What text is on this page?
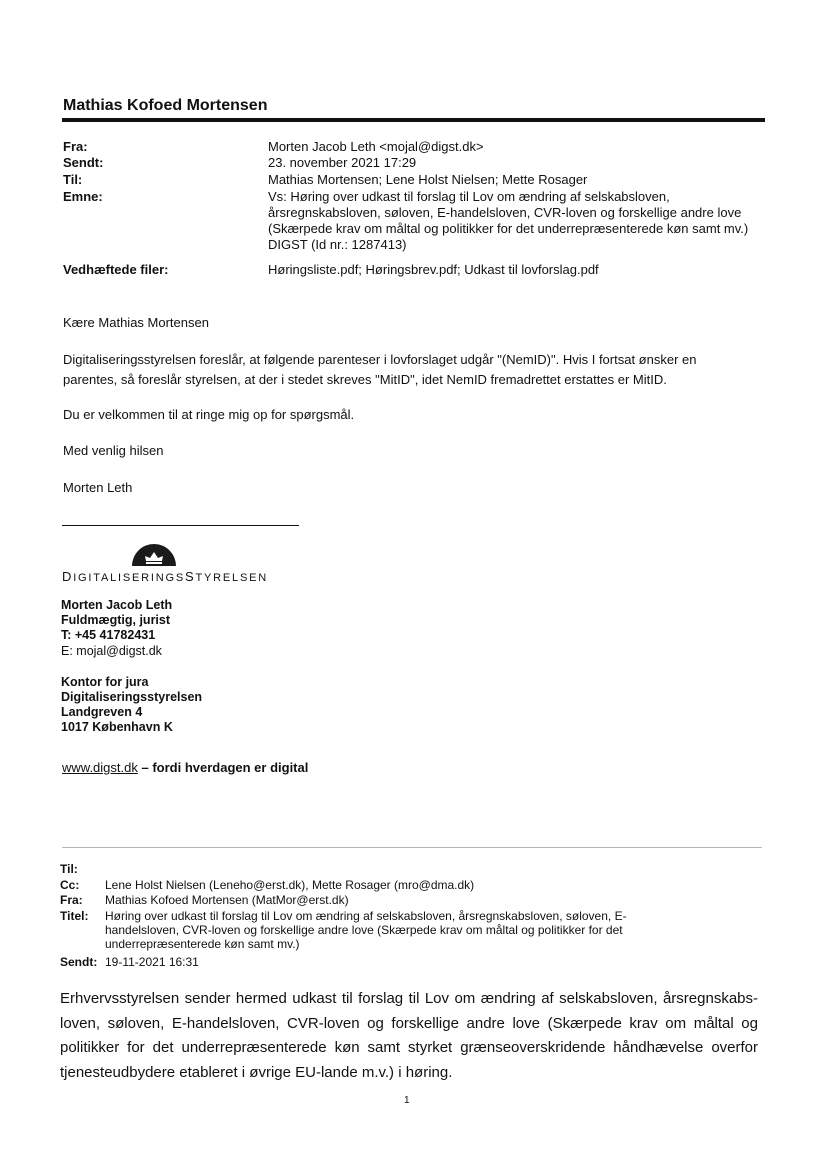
Mathias Kofoed Mortensen
Fra:	Morten Jacob Leth <mojal@digst.dk>
Sendt:	23. november 2021 17:29
Til:	Mathias Mortensen; Lene Holst Nielsen; Mette Rosager
Emne:	Vs: Høring over udkast til forslag til Lov om ændring af selskabsloven,
årsregnskabsloven, søloven, E-handelsloven, CVR-loven og forskellige andre love
(Skærpede krav om måltal og politikker for det underrepræsenterede køn samt mv.)
DIGST (Id nr.: 1287413)
Vedhæftede filer:	Høringsliste.pdf; Høringsbrev.pdf; Udkast til lovforslag.pdf
Kære Mathias Mortensen
Digitaliseringsstyrelsen foreslår, at følgende parenteser i lovforslaget udgår "(NemID)". Hvis I fortsat ønsker en
parentes, så foreslår styrelsen, at der i stedet skreves "MitID", idet NemID fremadrettet erstattes er MitID.
Du er velkommen til at ringe mig op for spørgsmål.
Med venlig hilsen
Morten Leth
DIGITALISERINGSSTYRELSEN
Morten Jacob Leth
Fuldmægtig, jurist
T: +45 41782431
E: mojal@digst.dk
Kontor for jura
Digitaliseringsstyrelsen
Landgreven 4
1017 København K
www.digst.dk – fordi hverdagen er digital
Til:
Cc: Lene Holst Nielsen (Leneho@erst.dk), Mette Rosager (mro@dma.dk)
Fra: Mathias Kofoed Mortensen (MatMor@erst.dk)
Titel: Høring over udkast til forslag til Lov om ændring af selskabsloven, årsregnskabsloven, søloven, E-
handelsloven, CVR-loven og forskellige andre love (Skærpede krav om måltal og politikker for det
underrepræsenterede køn samt mv.)
Sendt: 19-11-2021 16:31
Erhvervsstyrelsen sender hermed udkast til forslag til Lov om ændring af selskabsloven, årsregnskabs-loven, søloven, E-handelsloven, CVR-loven og forskellige andre love (Skærpede krav om måltal og politikker for det underrepræsenterede køn samt styrket grænseoverskridende håndhævelse overfor tjenesteudbydere etableret i øvrige EU-lande m.v.) i høring.
1
